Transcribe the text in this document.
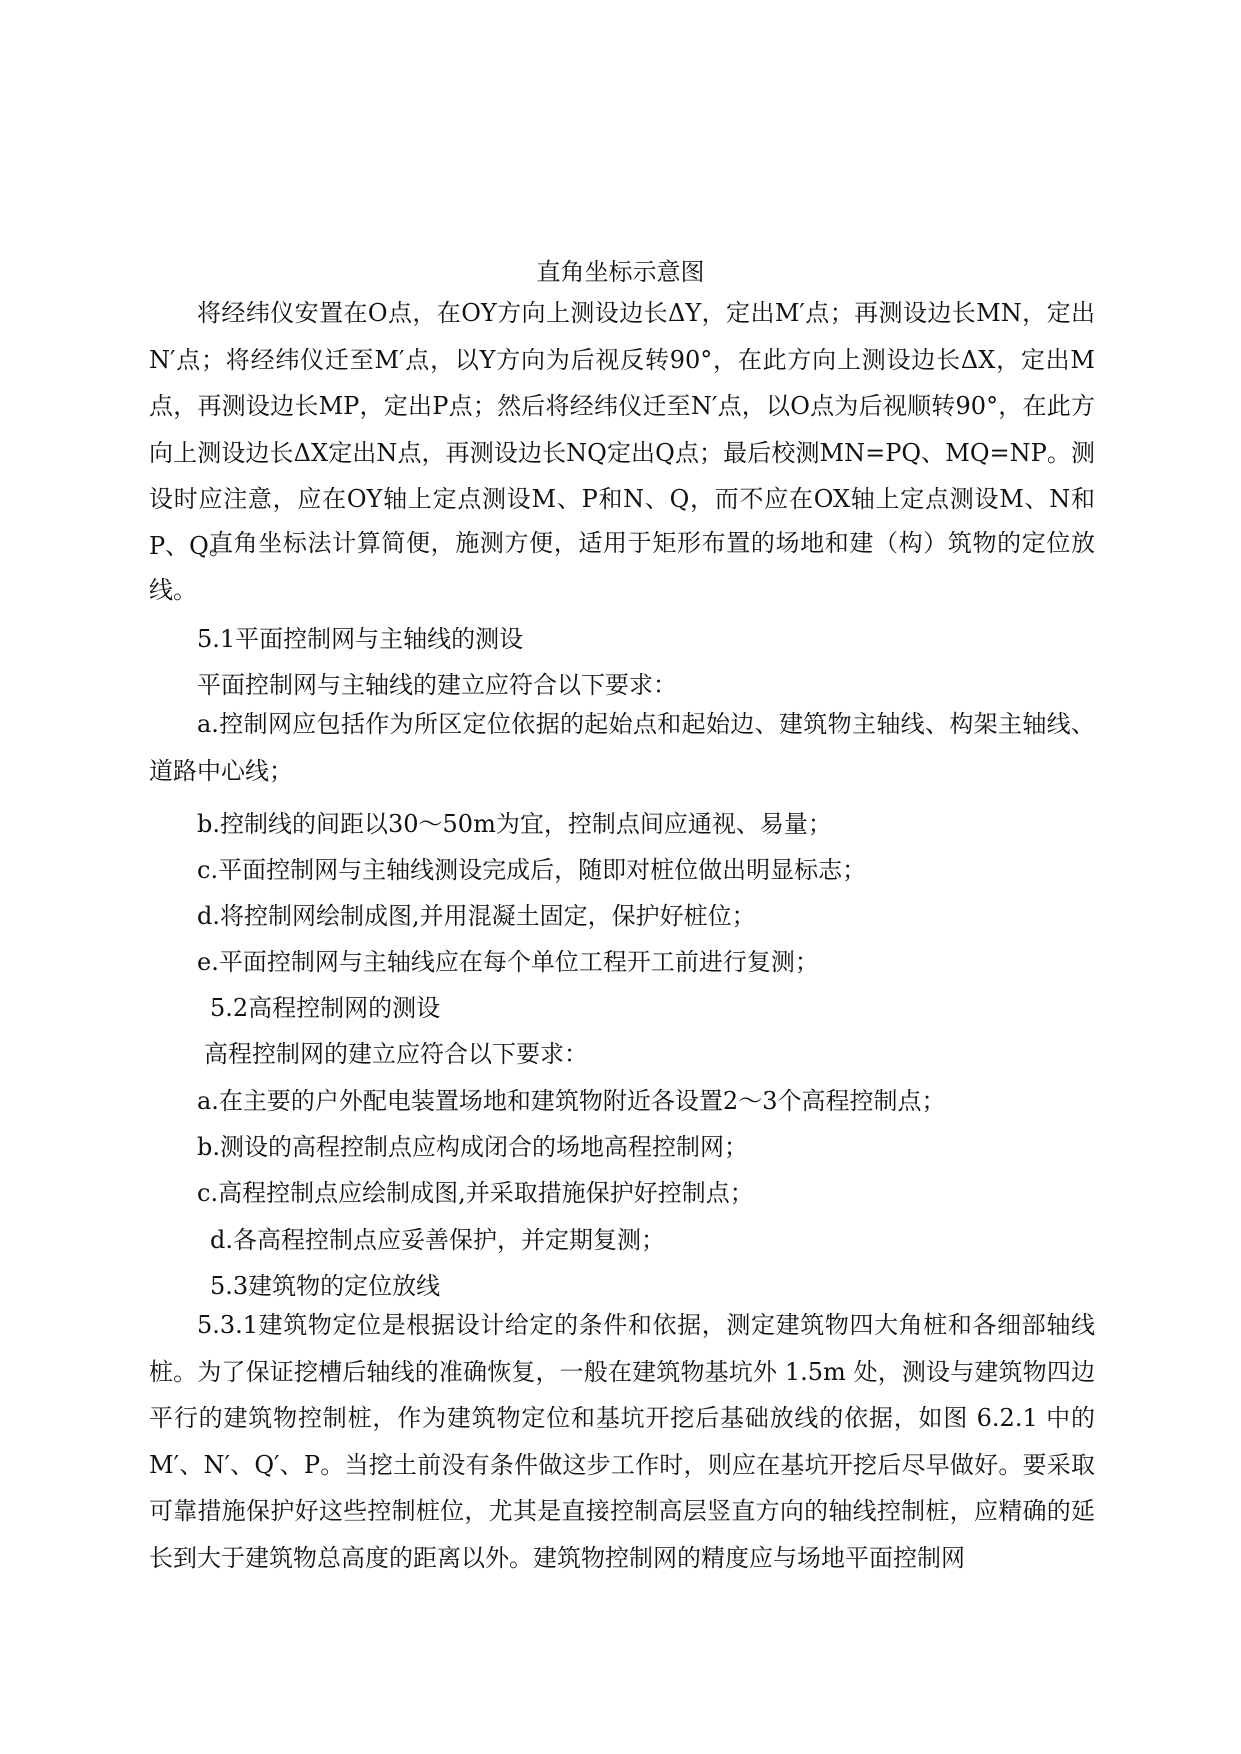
直角坐标示意图

将经纬仪安置在O点，在OY方向上测设边长ΔY，定出M′点；再测设边长MN，定出N′点；将经纬仪迁至M′点，以Y方向为后视反转90°，在此方向上测设边长ΔX，定出M点，再测设边长MP，定出P点；然后将经纬仪迁至N′点，以O点为后视顺转90°，在此方向上测设边长ΔX定出N点，再测设边长NQ定出Q点；最后校测MN=PQ、MQ=NP。测设时应注意，应在OY轴上定点测设M、P和N、Q，而不应在OX轴上定点测设M、N和P、Q。

直角坐标法计算简便，施测方便，适用于矩形布置的场地和建（构）筑物的定位放线。

5.1平面控制网与主轴线的测设
平面控制网与主轴线的建立应符合以下要求：

a.控制网应包括作为所区定位依据的起始点和起始边、建筑物主轴线、构架主轴线、道路中心线；

b.控制线的间距以30～50m为宜，控制点间应通视、易量；
c.平面控制网与主轴线测设完成后，随即对桩位做出明显标志；
d.将控制网绘制成图,并用混凝土固定，保护好桩位；
e.平面控制网与主轴线应在每个单位工程开工前进行复测；
5.2高程控制网的测设
高程控制网的建立应符合以下要求：
a.在主要的户外配电装置场地和建筑物附近各设置2～3个高程控制点；
b.测设的高程控制点应构成闭合的场地高程控制网；
c.高程控制点应绘制成图,并采取措施保护好控制点；
d.各高程控制点应妥善保护，并定期复测；
5.3建筑物的定位放线

5.3.1建筑物定位是根据设计给定的条件和依据，测定建筑物四大角桩和各细部轴线桩。为了保证挖槽后轴线的准确恢复，一般在建筑物基坑外 1.5m 处，测设与建筑物四边平行的建筑物控制桩，作为建筑物定位和基坑开挖后基础放线的依据，如图 6.2.1 中的M′、N′、Q′、P。当挖土前没有条件做这步工作时，则应在基坑开挖后尽早做好。要采取可靠措施保护好这些控制桩位，尤其是直接控制高层竖直方向的轴线控制桩，应精确的延长到大于建筑物总高度的距离以外。建筑物控制网的精度应与场地平面控制网
